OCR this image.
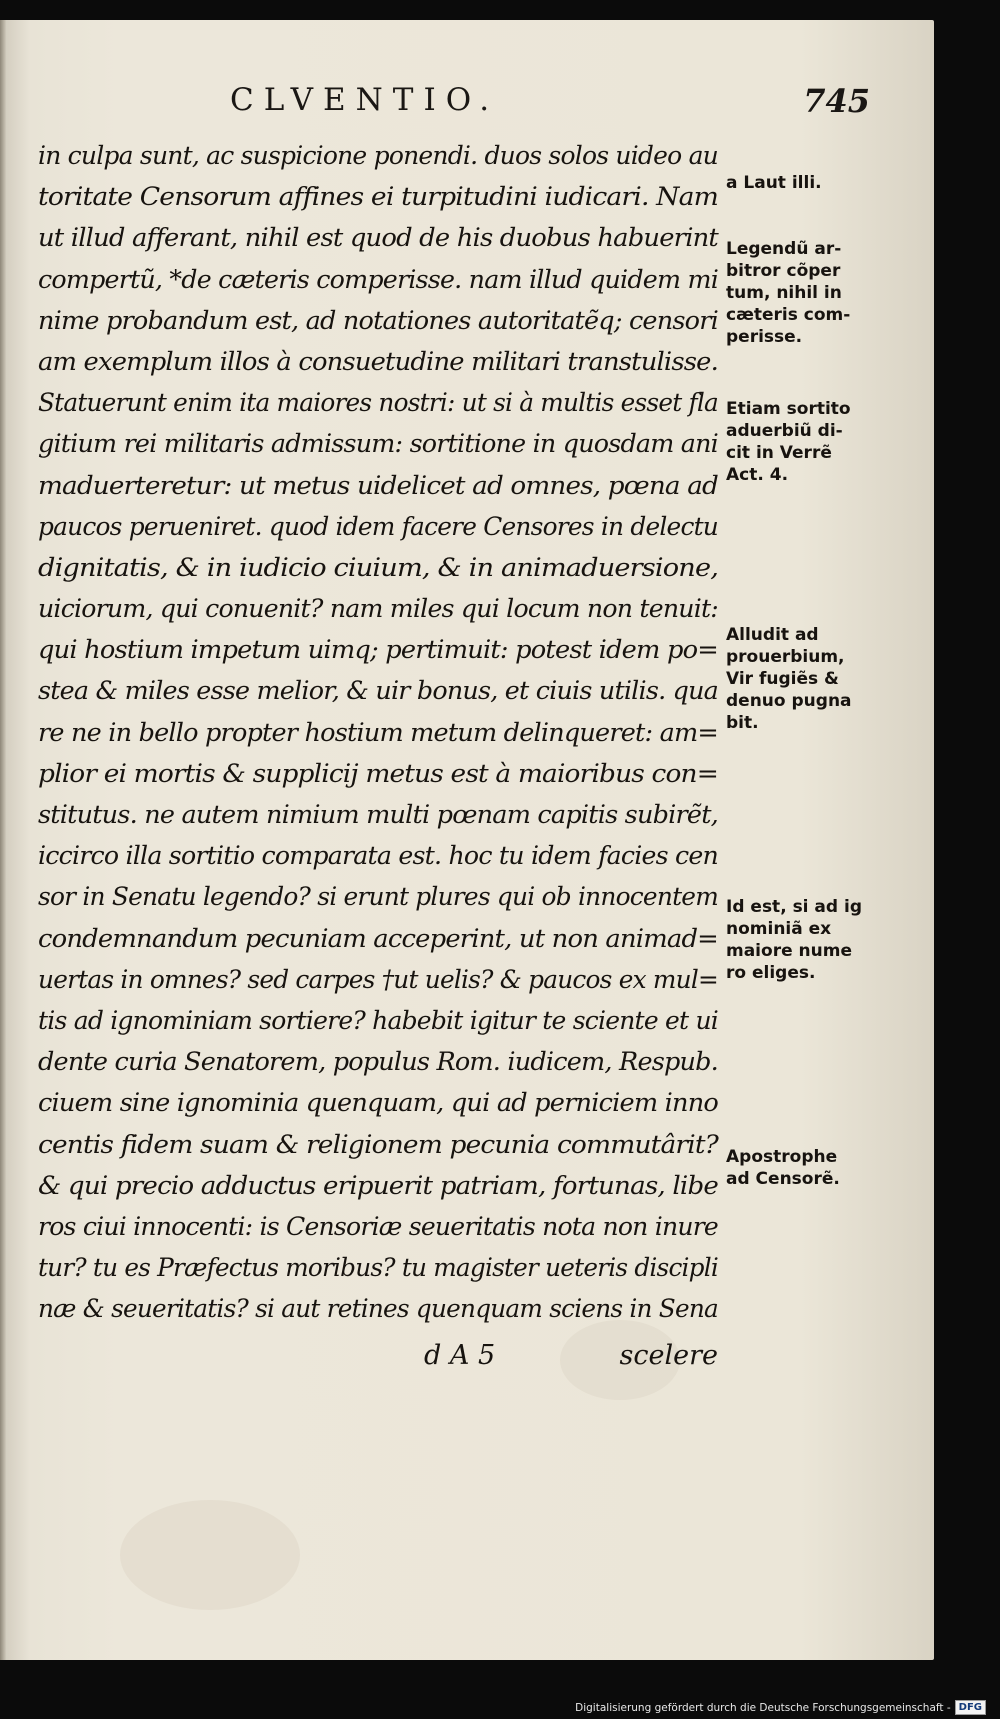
CLVENTIO.	745
in culpa sunt, ac suspicione ponendi. duos solos uideo au
toritate Censorum affines ei turpitudini iudicari. Nam
ut illud afferant, nihil est quod de his duobus habuerint
compertũ, *de cæteris comperisse. nam illud quidem mi
nime probandum est, ad notationes autoritatẽq; censori
am exemplum illos à consuetudine militari transtulisse.
Statuerunt enim ita maiores nostri: ut si à multis esset fla
gitium rei militaris admissum: sortitione in quosdam ani
maduerteretur: ut metus uidelicet ad omnes, pœna ad
paucos perueniret. quod idem facere Censores in delectu
dignitatis, & in iudicio ciuium, & in animaduersione,
uiciorum, qui conuenit? nam miles qui locum non tenuit:
qui hostium impetum uimq; pertimuit: potest idem po=
stea & miles esse melior, & uir bonus, et ciuis utilis. qua
re ne in bello propter hostium metum delinqueret: am=
plior ei mortis & supplicij metus est à maioribus con=
stitutus. ne autem nimium multi pœnam capitis subirẽt,
iccirco illa sortitio comparata est. hoc tu idem facies cen
sor in Senatu legendo? si erunt plures qui ob innocentem
condemnandum pecuniam acceperint, ut non animad=
uertas in omnes? sed carpes †ut uelis? & paucos ex mul=
tis ad ignominiam sortiere? habebit igitur te sciente et ui
dente curia Senatorem, populus Rom. iudicem, Respub.
ciuem sine ignominia quenquam, qui ad perniciem inno
centis fidem suam & religionem pecunia commutârit?
& qui precio adductus eripuerit patriam, fortunas, libe
ros ciui innocenti: is Censoriæ seueritatis nota non inure
tur? tu es Præfectus moribus? tu magister ueteris discipli
næ & seueritatis? si aut retines quenquam sciens in Sena
d A 5	scelere
a Laut illi.
Legendũ ar-
bitror cõper
tum, nihil in
cæteris com-
perisse.
Etiam sortito
aduerbiũ di-
cit in Verrẽ
Act. 4.
Alludit ad
prouerbium,
Vir fugiẽs &
denuo pugna
bit.
Id est, si ad ig
nominiã ex
maiore nume
ro eliges.
Apostrophe
ad Censorẽ.
Digitalisierung gefördert durch die Deutsche Forschungsgemeinschaft - DFG
